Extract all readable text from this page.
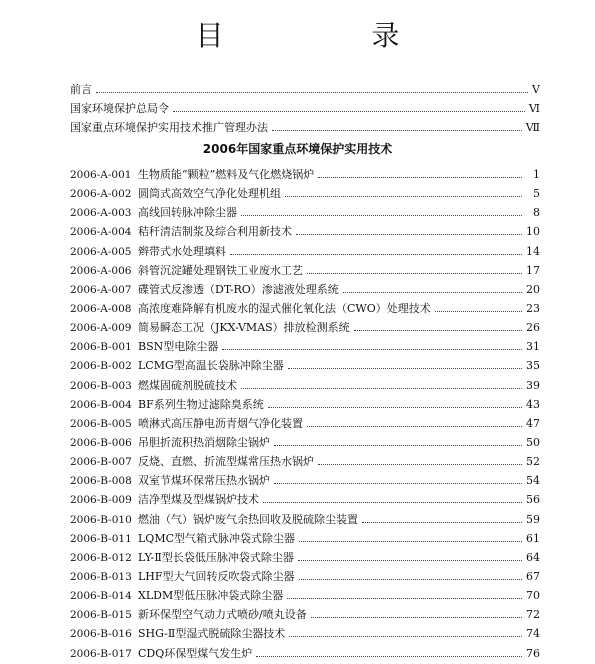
目　录
前言	Ⅴ
国家环境保护总局令	Ⅵ
国家重点环境保护实用技术推广管理办法	Ⅶ
2006年国家重点环境保护实用技术
2006-A-001 生物质能“颗粒”燃料及气化燃烧锅炉	1
2006-A-002 圆筒式高效空气净化处理机组	5
2006-A-003 高线回转脉冲除尘器	8
2006-A-004 秸秆清洁制浆及综合利用新技术	10
2006-A-005 辫带式水处理填料	14
2006-A-006 斜管沉淀罐处理钢铁工业废水工艺	17
2006-A-007 碟管式反渗透（DT-RO）渗滤液处理系统	20
2006-A-008 高浓度难降解有机废水的湿式催化氧化法（CWO）处理技术	23
2006-A-009 简易瞬态工况（JKX-VMAS）排放检测系统	26
2006-B-001 BSN型电除尘器	31
2006-B-002 LCMG型高温长袋脉冲除尘器	35
2006-B-003 燃煤固硫剂脱硫技术	39
2006-B-004 BF系列生物过滤除臭系统	43
2006-B-005 喷淋式高压静电沥青烟气净化装置	47
2006-B-006 吊胆折流积热消烟除尘锅炉	50
2006-B-007 反烧、直燃、折流型煤常压热水锅炉	52
2006-B-008 双室节煤环保常压热水锅炉	54
2006-B-009 洁净型煤及型煤锅炉技术	56
2006-B-010 燃油（气）锅炉废气余热回收及脱硫除尘装置	59
2006-B-011 LQMC型气箱式脉冲袋式除尘器	61
2006-B-012 LY-Ⅱ型长袋低压脉冲袋式除尘器	64
2006-B-013 LHF型大气回转反吹袋式除尘器	67
2006-B-014 XLDM型低压脉冲袋式除尘器	70
2006-B-015 新环保型空气动力式喷砂/喷丸设备	72
2006-B-016 SHG-Ⅱ型湿式脱硫除尘器技术	74
2006-B-017 CDQ环保型煤气发生炉	76
